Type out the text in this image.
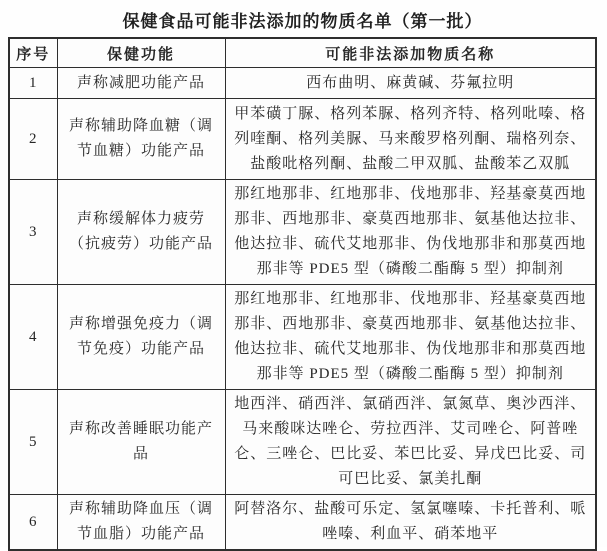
保健食品可能非法添加的物质名单（第一批）
序号	保健功能	可能非法添加物质名称
1	声称减肥功能产品	西布曲明、麻黄碱、芬氟拉明
2	声称辅助降血糖（调节血糖）功能产品	甲苯磺丁脲、格列苯脲、格列齐特、格列吡嗪、格列喹酮、格列美脲、马来酸罗格列酮、瑞格列奈、盐酸吡格列酮、盐酸二甲双胍、盐酸苯乙双胍
3	声称缓解体力疲劳（抗疲劳）功能产品	那红地那非、红地那非、伐地那非、羟基豪莫西地那非、西地那非、豪莫西地那非、氨基他达拉非、他达拉非、硫代艾地那非、伪伐地那非和那莫西地那非等 PDE5 型（磷酸二酯酶 5 型）抑制剂
4	声称增强免疫力（调节免疫）功能产品	那红地那非、红地那非、伐地那非、羟基豪莫西地那非、西地那非、豪莫西地那非、氨基他达拉非、他达拉非、硫代艾地那非、伪伐地那非和那莫西地那非等 PDE5 型（磷酸二酯酶 5 型）抑制剂
5	声称改善睡眠功能产品	地西泮、硝西泮、氯硝西泮、氯氮草、奥沙西泮、马来酸咪达唑仑、劳拉西泮、艾司唑仑、阿普唑仑、三唑仑、巴比妥、苯巴比妥、异戊巴比妥、司可巴比妥、氯美扎酮
6	声称辅助降血压（调节血脂）功能产品	阿替洛尔、盐酸可乐定、氢氯噻嗪、卡托普利、哌唑嗪、利血平、硝苯地平
